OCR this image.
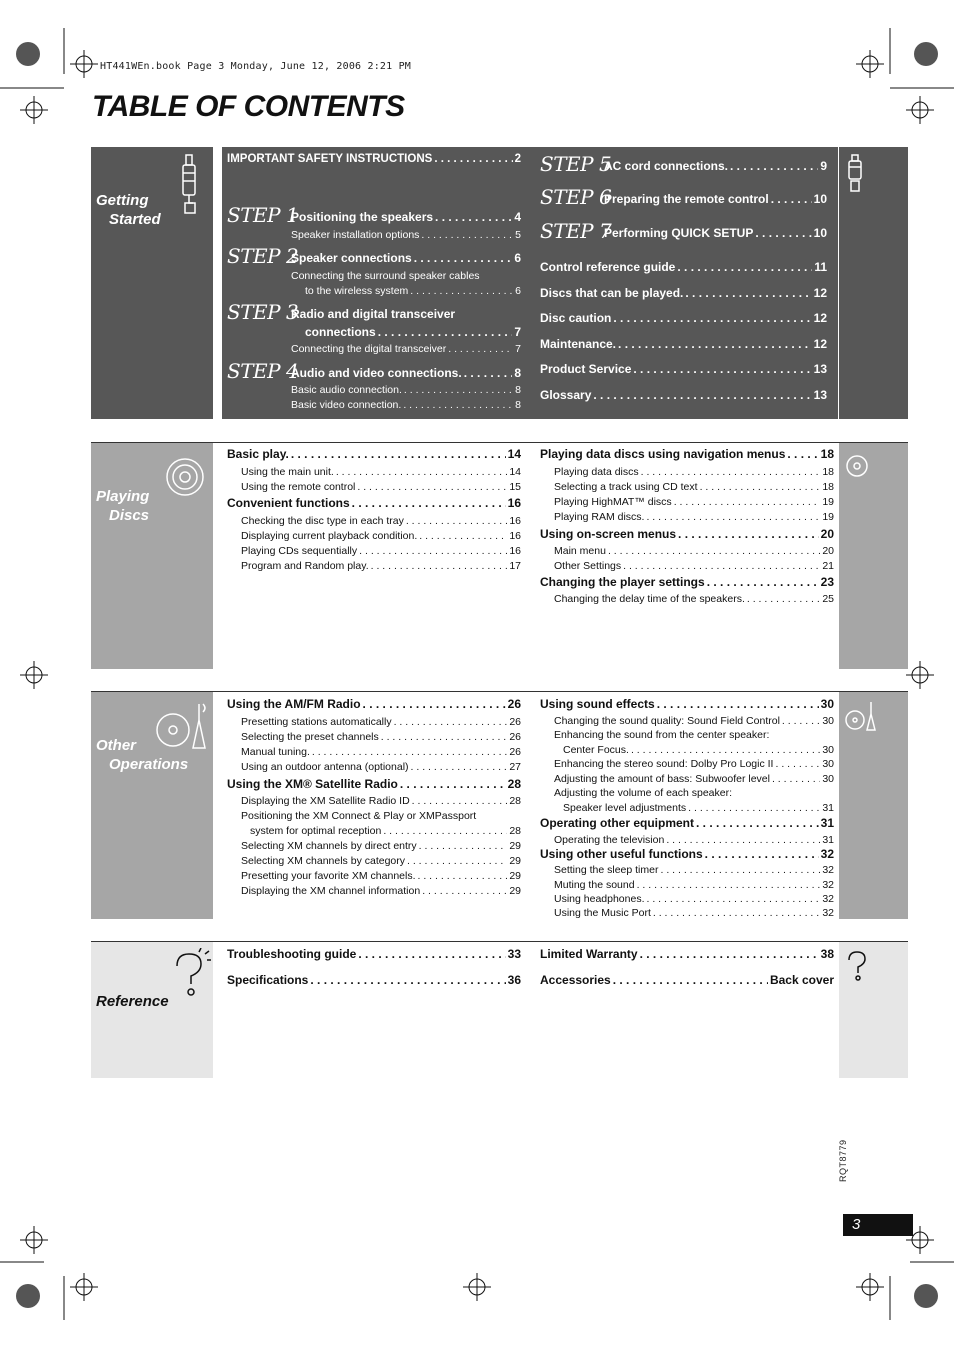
HT441WEn.book Page 3 Monday, June 12, 2006 2:21 PM
TABLE OF CONTENTS
Getting
Started
IMPORTANT SAFETY INSTRUCTIONS . . .	2
STEP 1
Positioning the speakers . . .	4
Speaker installation options . . .	5
STEP 2
Speaker connections . . .	6
Connecting the surround speaker cables
to the wireless system . . .	6
STEP 3
Radio and digital transceiver
connections . . .	7
Connecting the digital transceiver . . .	7
STEP 4
Audio and video connections. . . .	8
Basic audio connection. . . .	8
Basic video connection. . . .	8
STEP 5
AC cord connections. . . .	9
STEP 6
Preparing the remote control . . .	10
STEP 7
Performing QUICK SETUP . . .	10
Control reference guide . . .	11
Discs that can be played. . . .	12
Disc caution . . .	12
Maintenance. . . .	12
Product Service . . .	13
Glossary . . .	13
Playing
Discs
Basic play. . . .	14
Using the main unit. . . .	14
Using the remote control . . .	15
Convenient functions . . .	16
Checking the disc type in each tray . . .	16
Displaying current playback condition. . . .	16
Playing CDs sequentially . . .	16
Program and Random play. . . .	17
Playing data discs using navigation menus . . .	18
Playing data discs . . .	18
Selecting a track using CD text . . .	18
Playing HighMAT™ discs . . .	19
Playing RAM discs. . . .	19
Using on-screen menus . . .	20
Main menu . . .	20
Other Settings . . .	21
Changing the player settings . . .	23
Changing the delay time of the speakers. . . .	25
Other
Operations
Using the AM/FM Radio . . .	26
Presetting stations automatically . . .	26
Selecting the preset channels . . .	26
Manual tuning. . . .	26
Using an outdoor antenna (optional) . . .	27
Using the XM® Satellite Radio . . .	28
Displaying the XM Satellite Radio ID . . .	28
Positioning the XM Connect & Play or XMPassport
system for optimal reception . . .	28
Selecting XM channels by direct entry . . .	29
Selecting XM channels by category . . .	29
Presetting your favorite XM channels. . . .	29
Displaying the XM channel information . . .	29
Using sound effects . . .	30
Changing the sound quality: Sound Field Control . . .	30
Enhancing the sound from the center speaker:
Center Focus. . . .	30
Enhancing the stereo sound: Dolby Pro Logic II . . .	30
Adjusting the amount of bass: Subwoofer level . . .	30
Adjusting the volume of each speaker:
Speaker level adjustments . . .	31
Operating other equipment . . .	31
Operating the television . . .	31
Using other useful functions . . .	32
Setting the sleep timer . . .	32
Muting the sound . . .	32
Using headphones. . . .	32
Using the Music Port . . .	32
Reference
Troubleshooting guide . . .	33
Specifications . . .	36
Limited Warranty . . .	38
Accessories . . .	Back cover
RQT8779
3
